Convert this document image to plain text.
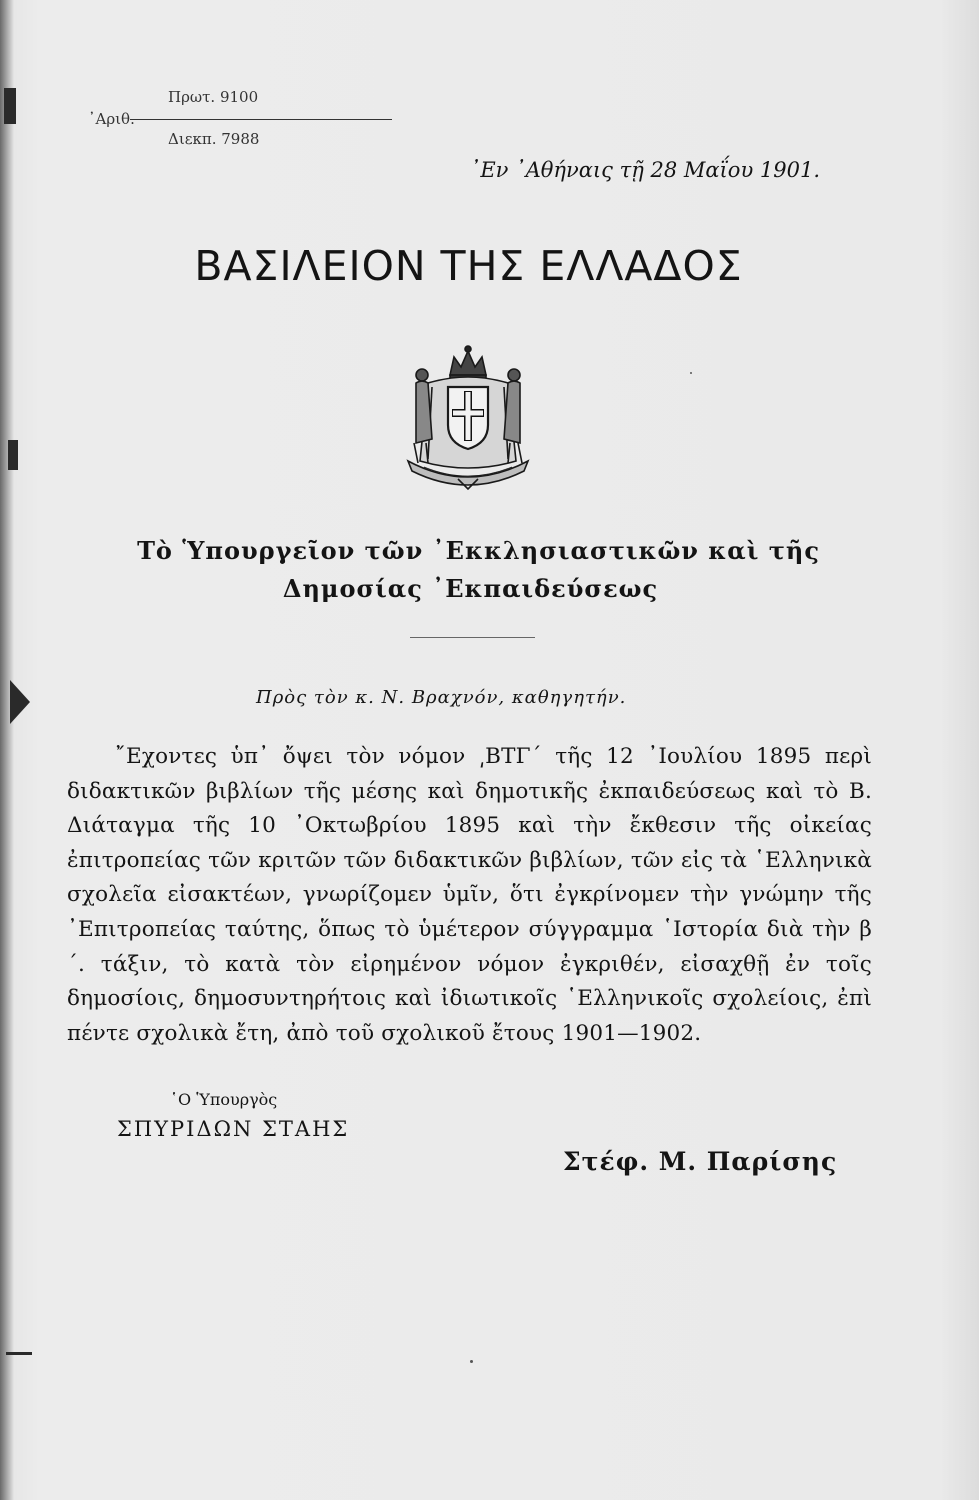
᾿Αριθ.
Πρωτ. 9100
Διεκπ. 7988
᾿Εν ᾿Αθήναις τῇ 28 Μαΐου 1901.
ΒΑΣΙΛΕΙΟΝ ΤΗΣ ΕΛΛΑΔΟΣ
Τὸ Ὑπουργεῖον τῶν ᾿Εκκλησιαστικῶν καὶ τῆς
Δημοσίας ᾿Εκπαιδεύσεως
Πρὸς τὸν κ. Ν. Βραχνόν, καθηγητήν.
῎Εχοντες ὑπ᾿ ὄψει τὸν νόμον ͵ΒΤΓ´ τῆς 12 ᾿Ιουλίου 1895 περὶ διδακτικῶν βιβλίων τῆς μέσης καὶ δημοτικῆς ἐκπαιδεύσεως καὶ τὸ Β. Διάταγμα τῆς 10 ᾿Οκτωβρίου 1895 καὶ τὴν ἔκθεσιν τῆς οἰκείας ἐπιτροπείας τῶν κριτῶν τῶν διδακτικῶν βιβλίων, τῶν εἰς τὰ ῾Ελληνικὰ σχολεῖα εἰσακτέων, γνωρίζομεν ὑμῖν, ὅτι ἐγκρίνομεν τὴν γνώμην τῆς ᾿Επιτροπείας ταύτης, ὅπως τὸ ὑμέτερον σύγγραμμα ῾Ιστορία διὰ τὴν β´. τάξιν, τὸ κατὰ τὸν εἰρημένον νόμον ἐγκριθέν, εἰσαχθῇ ἐν τοῖς δημοσίοις, δημοσυντηρήτοις καὶ ἰδιωτικοῖς ῾Ελληνικοῖς σχολείοις, ἐπὶ πέντε σχολικὰ ἔτη, ἀπὸ τοῦ σχολικοῦ ἔτους 1901—1902.
῾Ο Ὑπουργὸς
ΣΠΥΡΙΔΩΝ ΣΤΑΗΣ
Στέφ. Μ. Παρίσης
